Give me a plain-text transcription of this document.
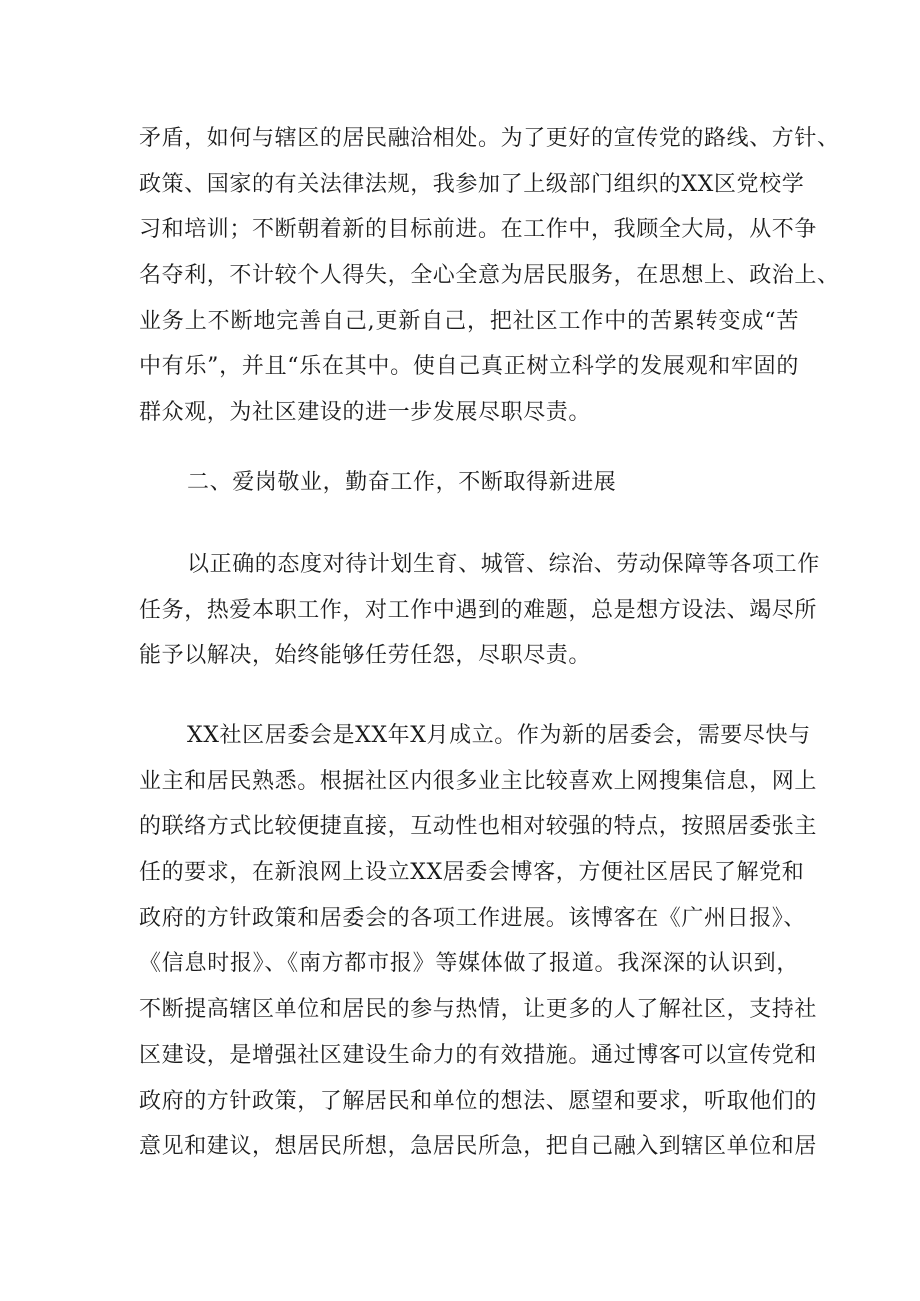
矛盾，如何与辖区的居民融洽相处。为了更好的宣传党的路线、方针、
政策、国家的有关法律法规，我参加了上级部门组织的XX区党校学
习和培训；不断朝着新的目标前进。在工作中，我顾全大局，从不争
名夺利，不计较个人得失，全心全意为居民服务，在思想上、政治上、
业务上不断地完善自己,更新自己，把社区工作中的苦累转变成“苦
中有乐”，并且“乐在其中。使自己真正树立科学的发展观和牢固的
群众观，为社区建设的进一步发展尽职尽责。
二、爱岗敬业，勤奋工作，不断取得新进展
以正确的态度对待计划生育、城管、综治、劳动保障等各项工作
任务，热爱本职工作，对工作中遇到的难题，总是想方设法、竭尽所
能予以解决，始终能够任劳任怨，尽职尽责。
XX社区居委会是XX年X月成立。作为新的居委会，需要尽快与
业主和居民熟悉。根据社区内很多业主比较喜欢上网搜集信息，网上
的联络方式比较便捷直接，互动性也相对较强的特点，按照居委张主
任的要求，在新浪网上设立XX居委会博客，方便社区居民了解党和
政府的方针政策和居委会的各项工作进展。该博客在《广州日报》、
《信息时报》、《南方都市报》等媒体做了报道。我深深的认识到，
不断提高辖区单位和居民的参与热情，让更多的人了解社区，支持社
区建设，是增强社区建设生命力的有效措施。通过博客可以宣传党和
政府的方针政策，了解居民和单位的想法、愿望和要求，听取他们的
意见和建议，想居民所想，急居民所急，把自己融入到辖区单位和居
